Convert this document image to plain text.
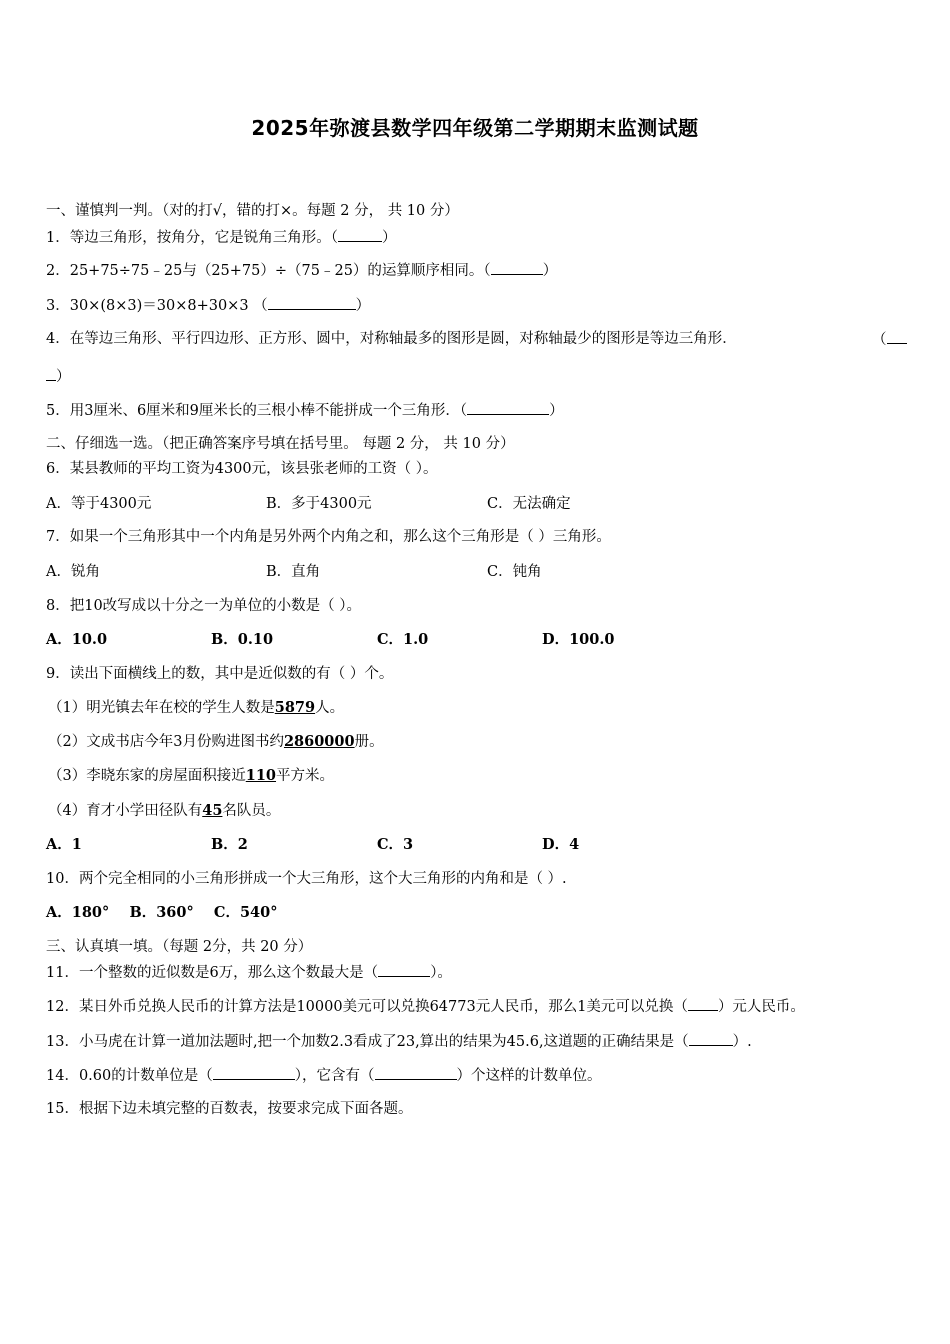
2025年弥渡县数学四年级第二学期期末监测试题
一、谨慎判一判。（对的打√，错的打×。每题 2 分， 共 10 分）
1．等边三角形，按角分，它是锐角三角形。（	）
2．25+75÷75﹣25与（25+75）÷（75﹣25）的运算顺序相同。（	）
3．30×(8×3)＝30×8+30×3 （	）
4．在等边三角形、平行四边形、正方形、圆中，对称轴最多的图形是圆，对称轴最少的图形是等边三角形．	（
）
5．用3厘米、6厘米和9厘米长的三根小棒不能拼成一个三角形．（	）
二、仔细选一选。（把正确答案序号填在括号里。 每题 2 分， 共 10 分）
6．某县教师的平均工资为4300元，该县张老师的工资（ ）。
A．等于4300元	B．多于4300元	C．无法确定
7．如果一个三角形其中一个内角是另外两个内角之和，那么这个三角形是（ ）三角形。
A．锐角	B．直角	C．钝角
8．把10改写成以十分之一为单位的小数是（ ）。
A．10.0	B．0.10	C．1.0	D．100.0
9．读出下面横线上的数，其中是近似数的有（ ）个。
（1）明光镇去年在校的学生人数是5879人。
（2）文成书店今年3月份购进图书约2860000册。
（3）李晓东家的房屋面积接近110平方米。
（4）育才小学田径队有45名队员。
A．1	B．2	C．3	D．4
10．两个完全相同的小三角形拼成一个大三角形，这个大三角形的内角和是（ ）.
A．180°    B．360°    C．540°
三、认真填一填。（每题 2分，共 20 分）
11．一个整数的近似数是6万，那么这个数最大是（	）。
12．某日外币兑换人民币的计算方法是10000美元可以兑换64773元人民币，那么1美元可以兑换（ ）元人民币。
13．小马虎在计算一道加法题时,把一个加数2.3看成了23,算出的结果为45.6,这道题的正确结果是（	）.
14．0.60的计数单位是（	），它含有（	）个这样的计数单位。
15．根据下边未填完整的百数表，按要求完成下面各题。
